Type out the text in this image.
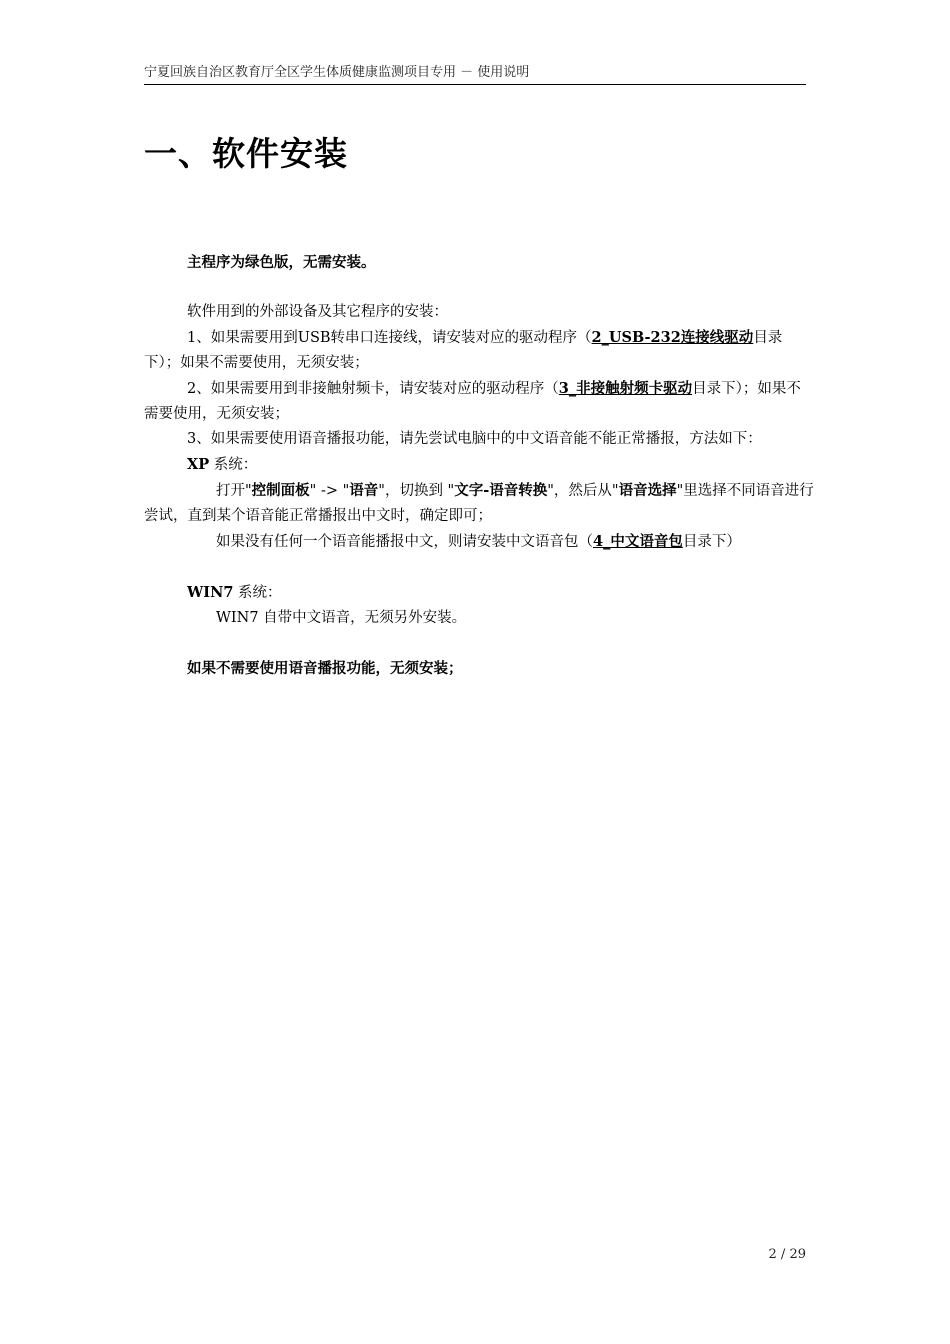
宁夏回族自治区教育厅全区学生体质健康监测项目专用 － 使用说明
一、软件安装

主程序为绿色版，无需安装。

软件用到的外部设备及其它程序的安装：

1、如果需要用到USB转串口连接线，请安装对应的驱动程序（2_USB-232连接线驱动目录下）；如果不需要使用，无须安装；

2、如果需要用到非接触射频卡，请安装对应的驱动程序（3_非接触射频卡驱动目录下）；如果不需要使用，无须安装；

3、如果需要使用语音播报功能，请先尝试电脑中的中文语音能不能正常播报，方法如下：

XP 系统：

打开"控制面板" -> "语音"，切换到 "文字-语音转换"，然后从"语音选择"里选择不同语音进行尝试，直到某个语音能正常播报出中文时，确定即可；

如果没有任何一个语音能播报中文，则请安装中文语音包（4_中文语音包目录下）

WIN7 系统：

WIN7 自带中文语音，无须另外安装。

如果不需要使用语音播报功能，无须安装；

2 / 29
